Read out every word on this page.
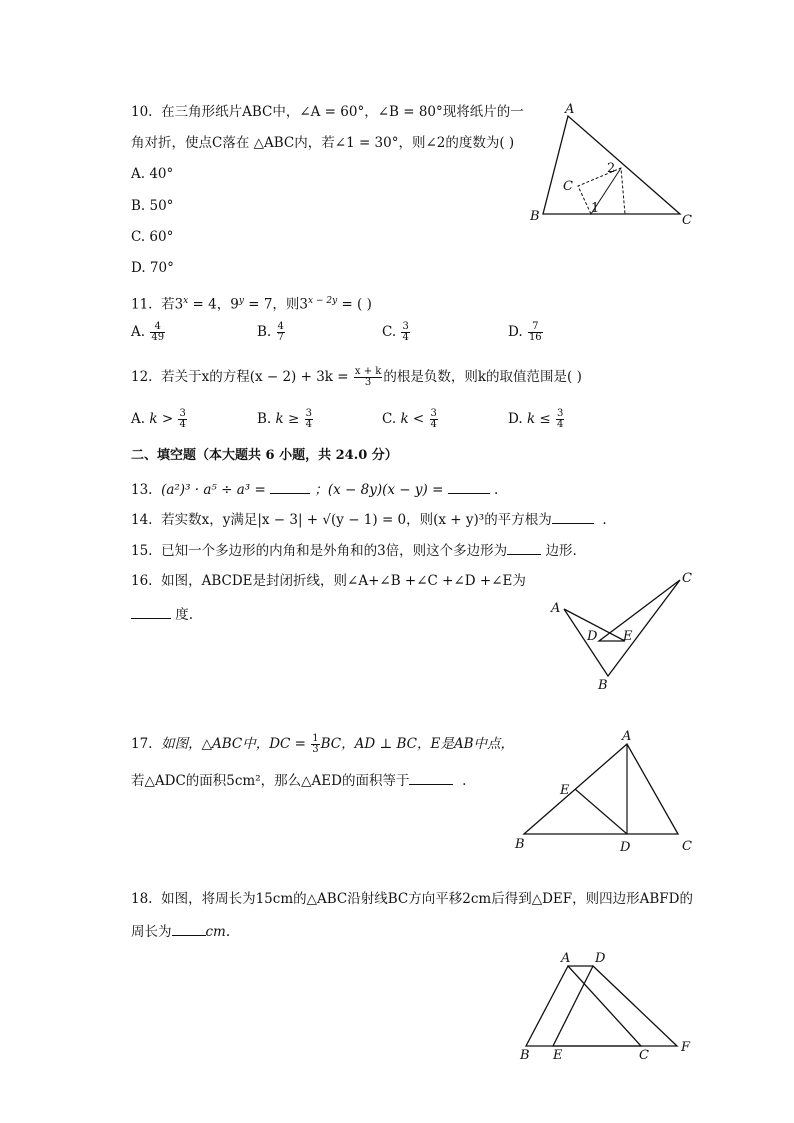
10. 在三角形纸片ABC中，∠A = 60°，∠B = 80°现将纸片的一
角对折，使点C落在 △ABC内，若∠1 = 30°，则∠2的度数为( )
A. 40°
B. 50°
C. 60°
D. 70°
A
B	C
C
1
2
11. 若$3^x = 4$，$9^y = 7$，则$3^{x - 2y}$ = ( )
A. $\frac{4}{49}$	B. $\frac{4}{7}$	C. $\frac{3}{4}$	D. $\frac{7}{16}$
12. 若关于x的方程$(x - 2) + 3k = \frac{x + k}{3}$ 的根是负数，则k的取值范围是( )
A. $k > \frac{3}{4}$	B. $k \ge \frac{3}{4}$	C. $k < \frac{3}{4}$	D. $k \le \frac{3}{4}$
二、填空题（本大题共 6 小题，共 24.0 分）
13. (a²)³ · a⁵ ÷ a³ =	；(x − 8y)(x − y) =	.
14. 若实数x，y满足|x − 3| + √(y − 1) = 0，则(x + y)³的平方根为	.
15. 已知一个多边形的内角和是外角和的3倍，则这个多边形为	边形.
16. 如图，ABCDE是封闭折线，则∠A+∠B +∠C +∠D +∠E为
度.	A
B
C
D E
17. 如图，△ABC中，DC = $\frac{1}{3}$ BC，AD ⊥ BC，E是AB中点，
若△ADC的面积5cm²，那么△AED的面积等于	.
A
B	C
D
E
18. 如图，将周长为15cm的△ABC沿射线BC方向平移2cm后得到△DEF，则四边形ABFD的
周长为	cm.
A D
B E	C
F
